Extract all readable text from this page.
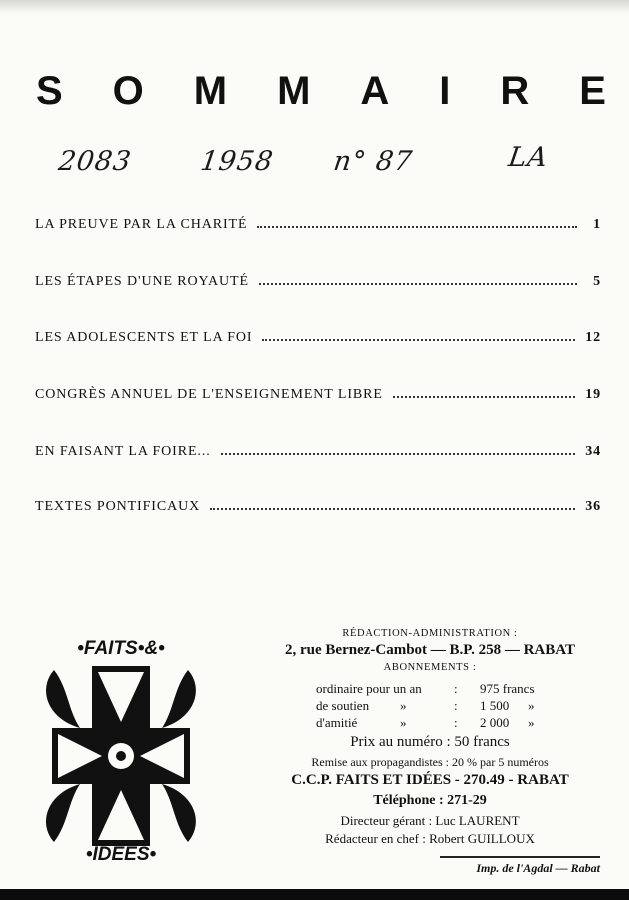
S O M M A I R E
2083 1958 n° 87	LA
LA PREUVE PAR LA CHARITÉ	1
LES ÉTAPES D'UNE ROYAUTÉ	5
LES ADOLESCENTS ET LA FOI	12
CONGRÈS ANNUEL DE L'ENSEIGNEMENT LIBRE	19
EN FAISANT LA FOIRE...	34
TEXTES PONTIFICAUX	36
•FAITS•&•
•IDÉES•
RÉDACTION-ADMINISTRATION :
2, rue Bernez-Cambot — B.P. 258 — RABAT
ABONNEMENTS :
ordinaire pour un an	:	975 francs
de soutien	»	:	1 500	»
d'amitié	»	:	2 000	»
Prix au numéro : 50 francs
Remise aux propagandistes : 20 % par 5 numéros
C.C.P. FAITS ET IDÉES - 270.49 - RABAT
Téléphone : 271-29
Directeur gérant : Luc LAURENT
Rédacteur en chef : Robert GUILLOUX
Imp. de l'Agdal — Rabat
